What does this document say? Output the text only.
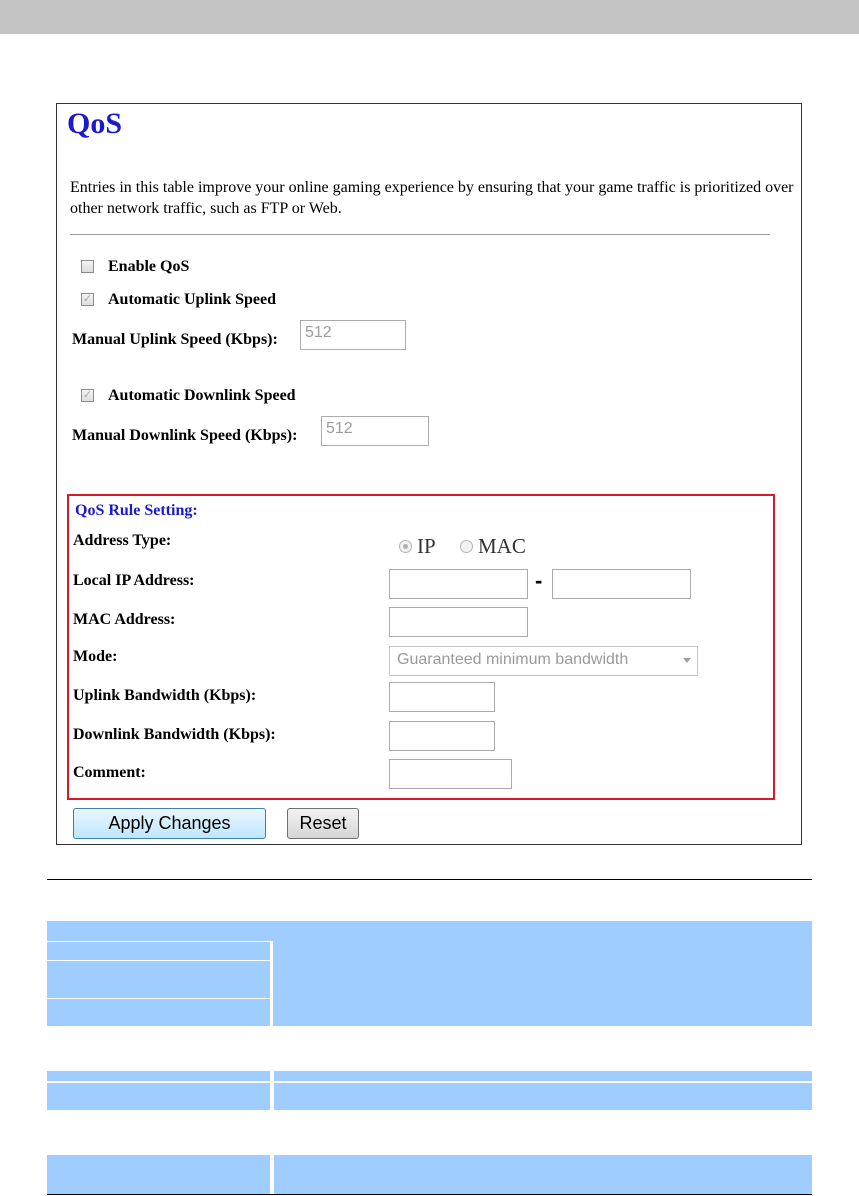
QoS
Entries in this table improve your online gaming experience by ensuring that your game traffic is prioritized over other network traffic, such as FTP or Web.
Enable QoS
✓ Automatic Uplink Speed
Manual Uplink Speed (Kbps):	512
✓ Automatic Downlink Speed
Manual Downlink Speed (Kbps):	512
QoS Rule Setting:
Address Type:	IP MAC
Local IP Address:	-
MAC Address:
Mode:	Guaranteed minimum bandwidth
Uplink Bandwidth (Kbps):
Downlink Bandwidth (Kbps):
Comment:
Apply Changes	Reset
